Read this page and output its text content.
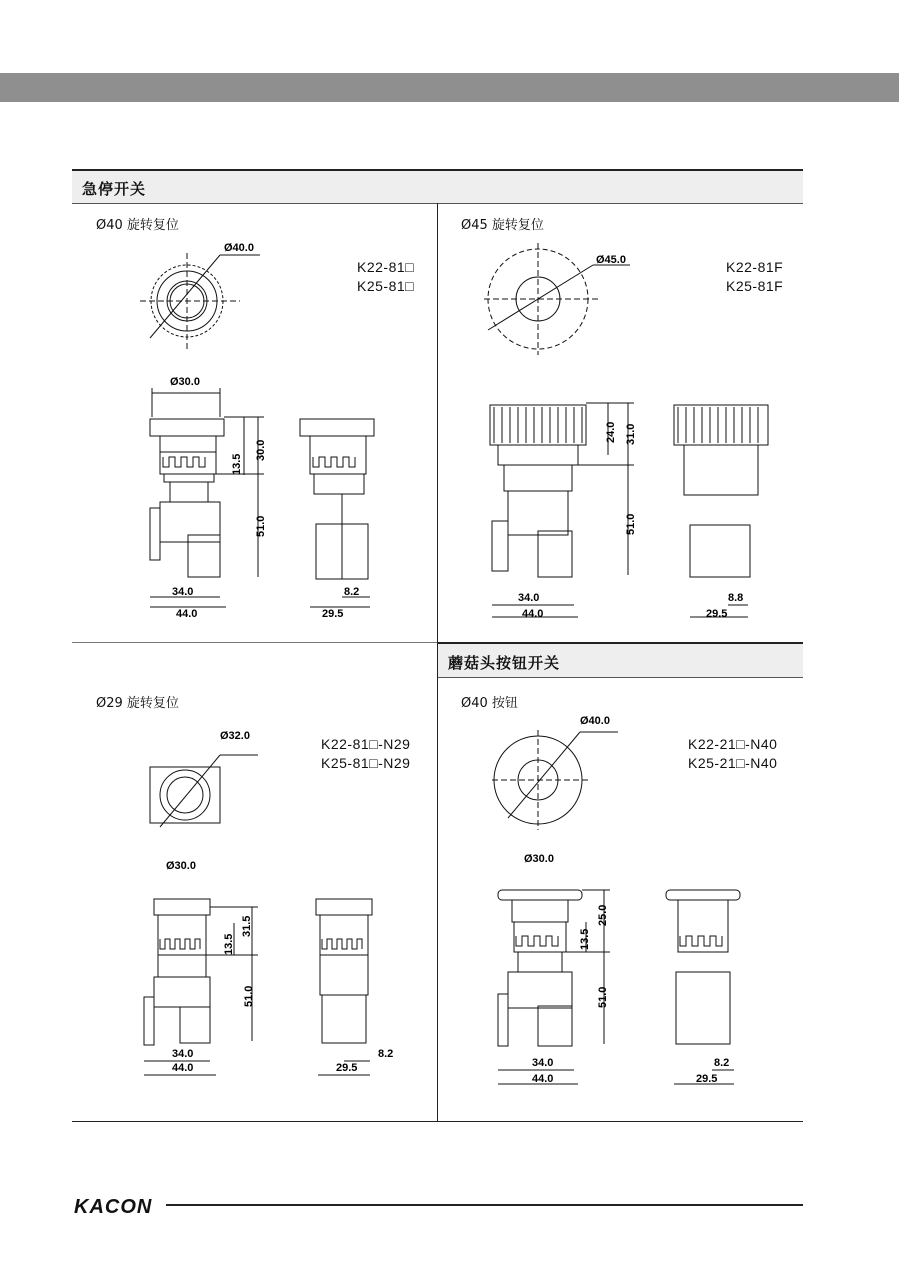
急停开关
蘑菇头按钮开关
Ø40 旋转复位
K22-81□
K25-81□
Ø45 旋转复位
K22-81F
K25-81F
Ø29 旋转复位
K22-81□-N29
K25-81□-N29
Ø40 按钮
K22-21□-N40
K25-21□-N40
Ø40.0
Ø30.0
13.5
30.0
51.0
34.0
44.0
8.2
29.5
Ø45.0
24.0 31.0
51.0
34.0
44.0
8.8
29.5
Ø32.0
Ø30.0
13.5
31.5
51.0
34.0
44.0
8.2
29.5
Ø40.0
Ø30.0
13.5
25.0
51.0
34.0
44.0
8.2
29.5
KACON
